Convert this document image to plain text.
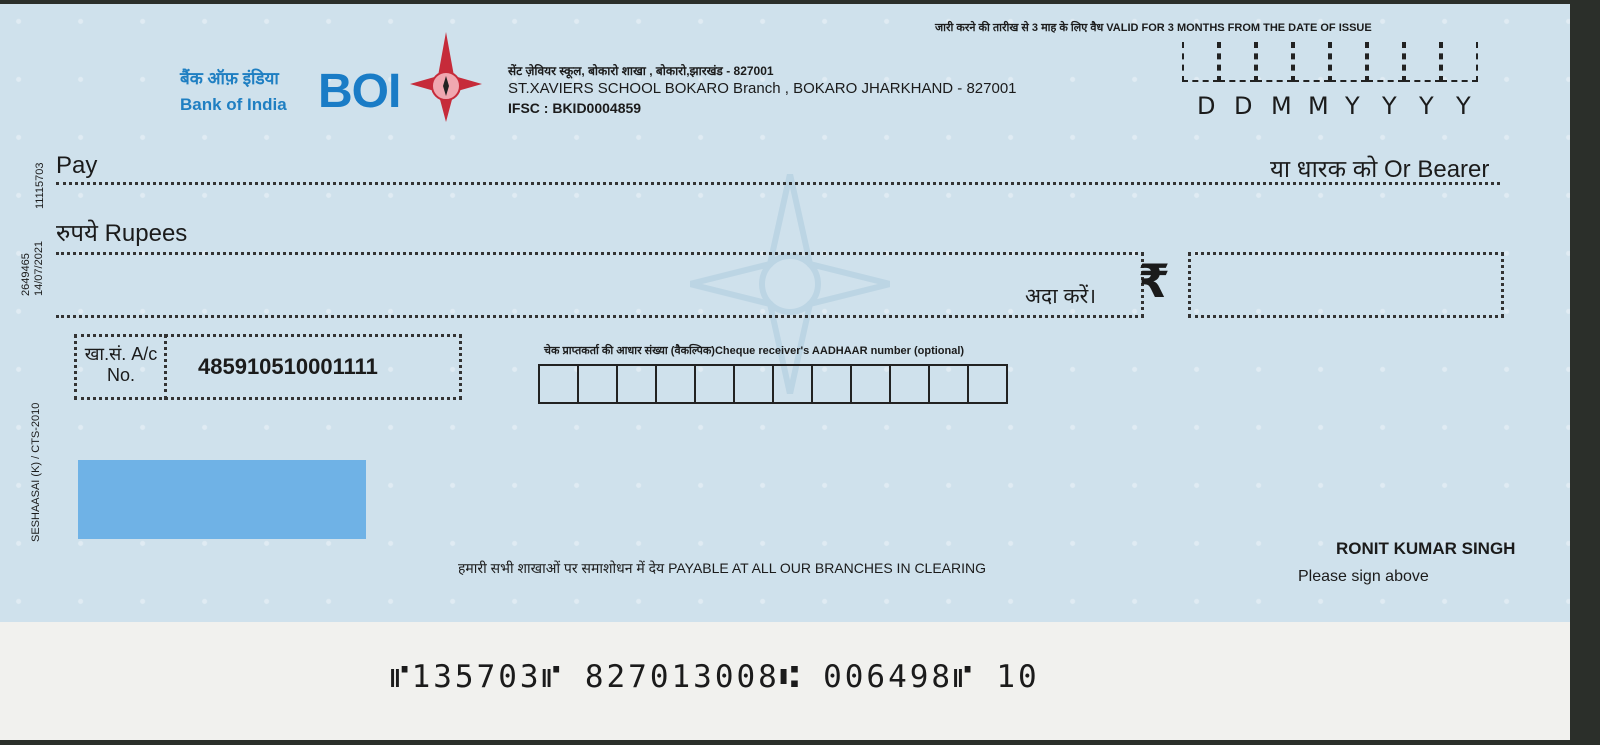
बैंक ऑफ़ इंडिया
Bank of India BOI	सेंट ज़ेवियर स्कूल, बोकारो शाखा , बोकारो,झारखंड - 827001
ST.XAVIERS SCHOOL BOKARO Branch , BOKARO JHARKHAND - 827001
IFSC : BKID0004859
जारी करने की तारीख से 3 माह के लिए वैध VALID FOR 3 MONTHS FROM THE DATE OF ISSUE
D D M M Y Y Y Y
Pay	या धारक को Or Bearer
रुपये Rupees
अदा करें। ₹
खा.सं. A/c No.	485910510001111
चेक प्राप्तकर्ता की आधार संख्या (वैकल्पिक)Cheque receiver's AADHAAR number (optional)
11115703
2649465 14/07/2021
SESHAASAI (K) / CTS-2010
हमारी सभी शाखाओं पर समाशोधन में देय PAYABLE AT ALL OUR BRANCHES IN CLEARING
RONIT KUMAR SINGH
Please sign above
⑈135703⑈ 827013008⑆ 006498⑈ 10
